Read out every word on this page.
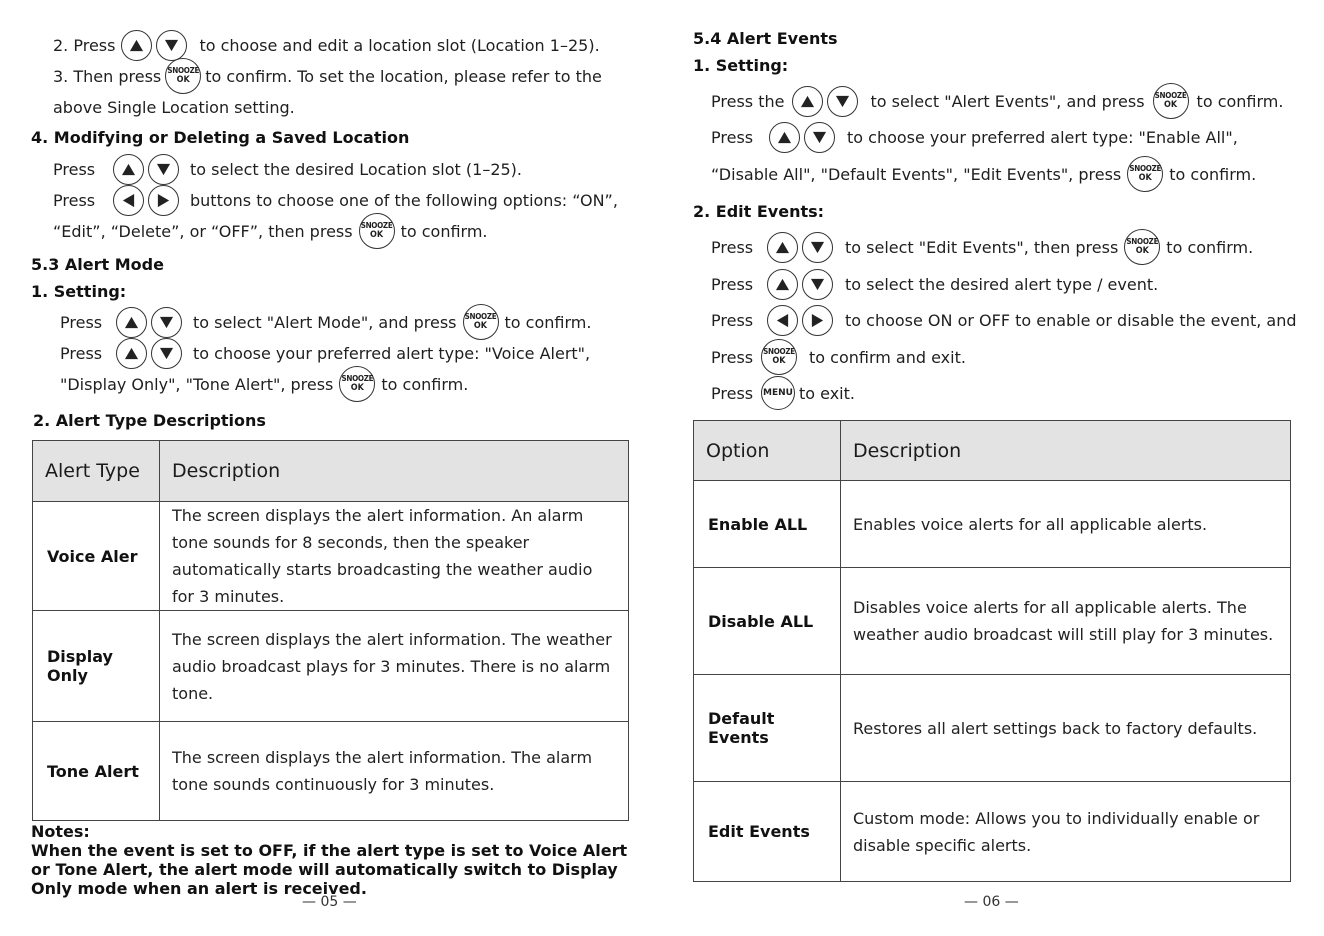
2. Press	to choose and edit a location slot (Location 1–25).
3. Then press SNOOZE
OK to confirm. To set the location, please refer to the
above Single Location setting.
4. Modifying or Deleting a Saved Location
Press	to select the desired Location slot (1–25).
Press	buttons to choose one of the following options: “ON”,
“Edit”, “Delete”, or “OFF”, then press SNOOZE
OK to confirm.
5.3 Alert Mode
1. Setting:
Press	to select "Alert Mode", and press SNOOZE
OK to confirm.
Press	to choose your preferred alert type: "Voice Alert",
"Display Only", "Tone Alert", press SNOOZE
OK to confirm.
2. Alert Type Descriptions
Alert Type	Description
Voice Aler	The screen displays the alert information. An alarm tone sounds for 8 seconds, then the speaker automatically starts broadcasting the weather audio for 3 minutes.
Display Only	The screen displays the alert information. The weather audio broadcast plays for 3 minutes. There is no alarm tone.
Tone Alert	The screen displays the alert information. The alarm tone sounds continuously for 3 minutes.
Notes:
When the event is set to OFF, if the alert type is set to Voice Alert or Tone Alert, the alert mode will automatically switch to Display Only mode when an alert is received.
— 05 —
5.4 Alert Events
1. Setting:
Press the	to select "Alert Events", and press SNOOZE
OK to confirm.
Press	to choose your preferred alert type: "Enable All",
“Disable All", "Default Events", "Edit Events", press SNOOZE
OK to confirm.
2. Edit Events:
Press	to select "Edit Events", then press SNOOZE
OK to confirm.
Press	to select the desired alert type / event.
Press	to choose ON or OFF to enable or disable the event, and
Press	SNOOZE
OK to confirm and exit.
Press	MENU to exit.
Option	Description
Enable ALL	Enables voice alerts for all applicable alerts.
Disable ALL	Disables voice alerts for all applicable alerts. The weather audio broadcast will still play for 3 minutes.
Default Events	Restores all alert settings back to factory defaults.
Edit Events	Custom mode: Allows you to individually enable or disable specific alerts.
— 06 —
